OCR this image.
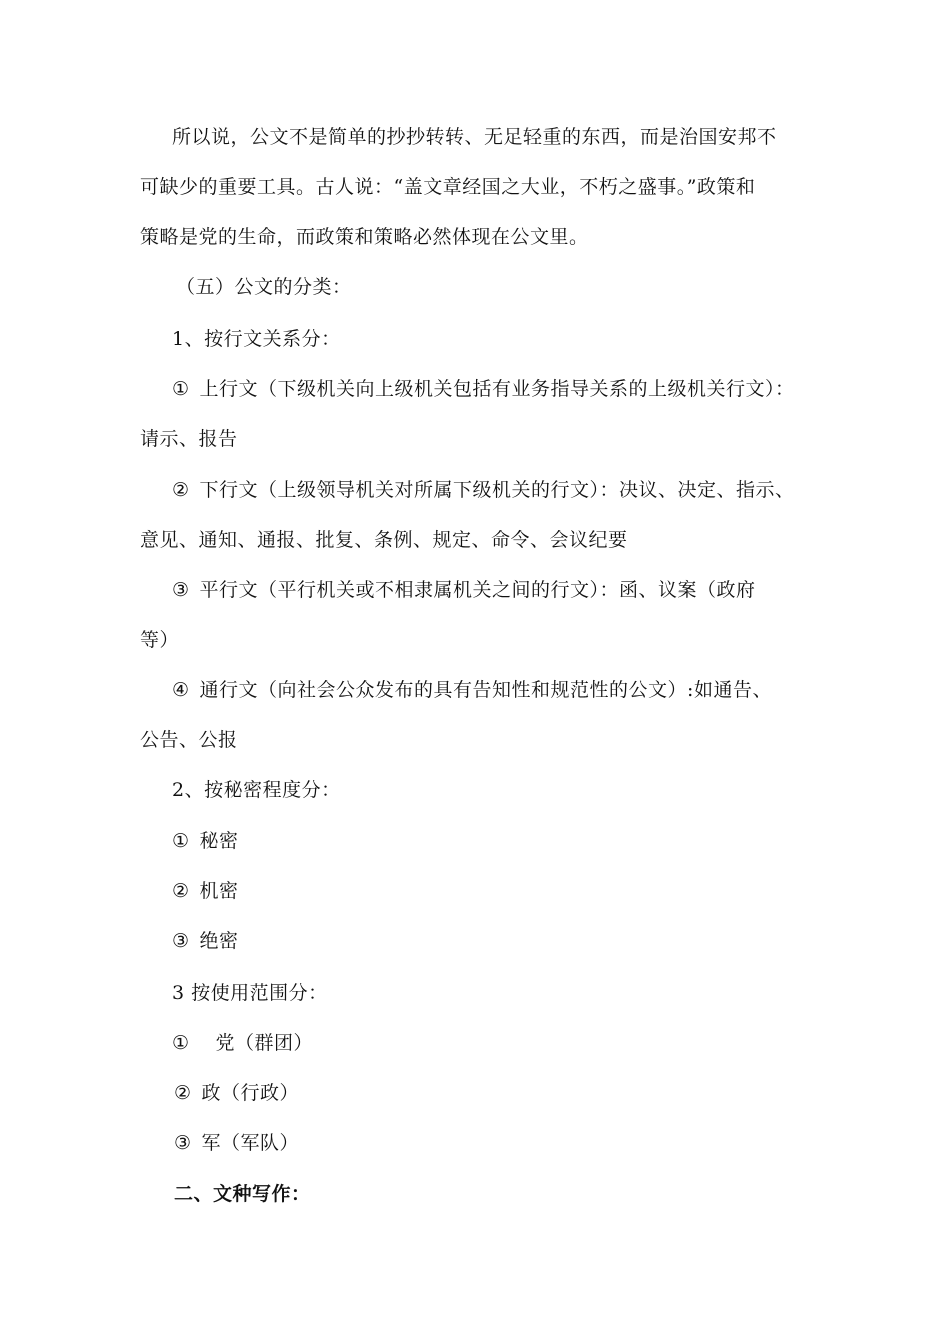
所以说，公文不是简单的抄抄转转、无足轻重的东西，而是治国安邦不
可缺少的重要工具。古人说：“盖文章经国之大业，不朽之盛事。”政策和
策略是党的生命，而政策和策略必然体现在公文里。
（五）公文的分类：
1、按行文关系分：
① 上行文（下级机关向上级机关包括有业务指导关系的上级机关行文）：
请示、报告
② 下行文（上级领导机关对所属下级机关的行文）：决议、决定、指示、
意见、通知、通报、批复、条例、规定、命令、会议纪要
③ 平行文（平行机关或不相隶属机关之间的行文）：函、议案（政府
等）
④ 通行文（向社会公众发布的具有告知性和规范性的公文）:如通告、
公告、公报
2、按秘密程度分：
① 秘密
② 机密
③ 绝密
3 按使用范围分：
① 党（群团）
② 政（行政）
③ 军（军队）
二、文种写作：
